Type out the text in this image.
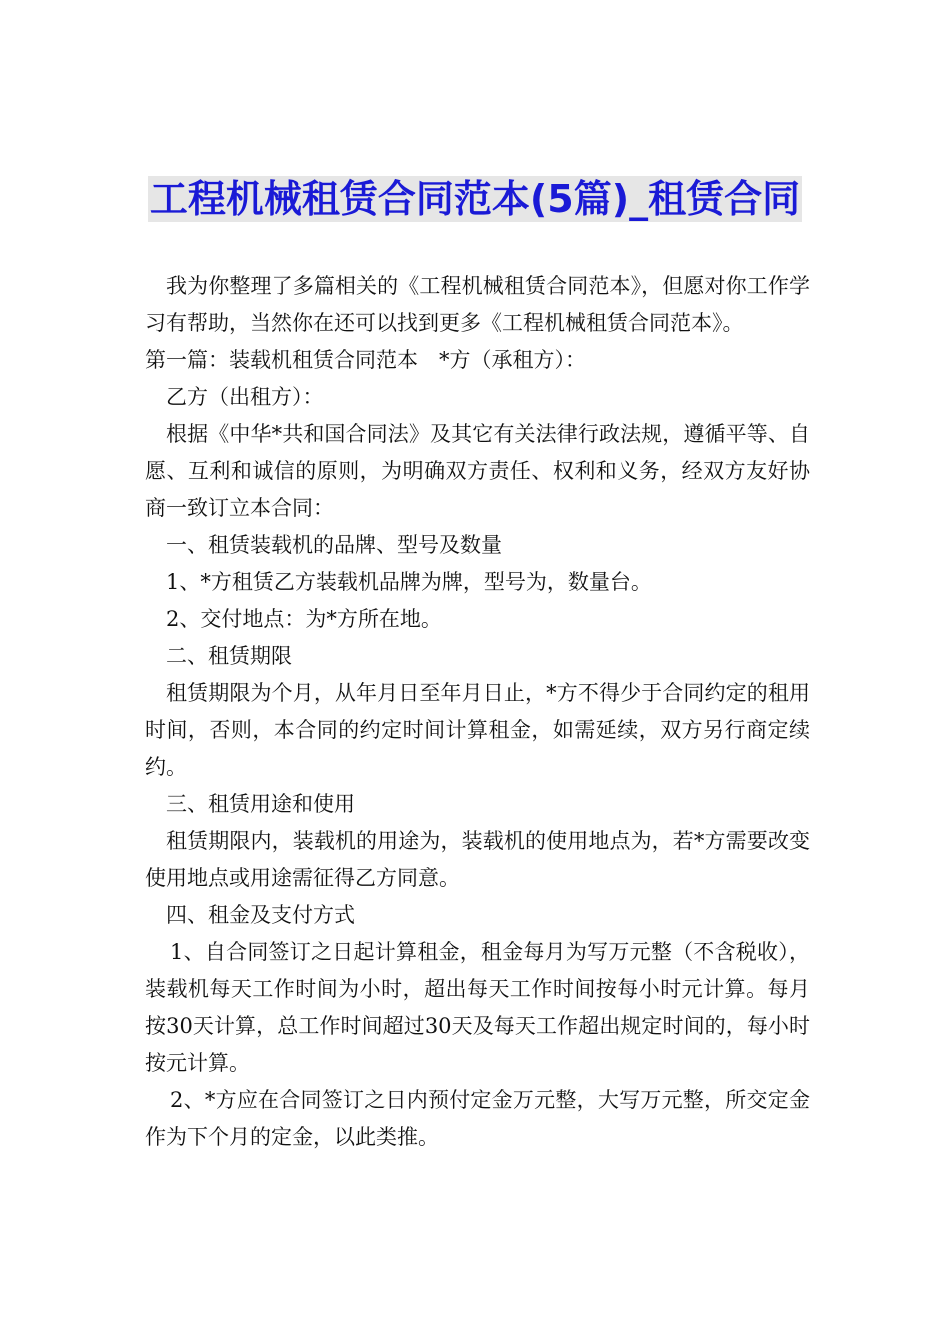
工程机械租赁合同范本(5篇)_租赁合同

我为你整理了多篇相关的《工程机械租赁合同范本》，但愿对你工作学习有帮助，当然你在还可以找到更多《工程机械租赁合同范本》。

第一篇：装载机租赁合同范本　*方（承租方）：

乙方（出租方）：

根据《中华*共和国合同法》及其它有关法律行政法规，遵循平等、自愿、互利和诚信的原则，为明确双方责任、权利和义务，经双方友好协商一致订立本合同：

一、租赁装载机的品牌、型号及数量

1、*方租赁乙方装载机品牌为牌，型号为，数量台。

2、交付地点：为*方所在地。

二、租赁期限

租赁期限为个月，从年月日至年月日止，*方不得少于合同约定的租用时间，否则，本合同的约定时间计算租金，如需延续，双方另行商定续约。

三、租赁用途和使用

租赁期限内，装载机的用途为，装载机的使用地点为，若*方需要改变使用地点或用途需征得乙方同意。

四、租金及支付方式

1、自合同签订之日起计算租金，租金每月为写万元整（不含税收），装载机每天工作时间为小时，超出每天工作时间按每小时元计算。每月按30天计算，总工作时间超过30天及每天工作超出规定时间的，每小时按元计算。

2、*方应在合同签订之日内预付定金万元整，大写万元整，所交定金作为下个月的定金，以此类推。
